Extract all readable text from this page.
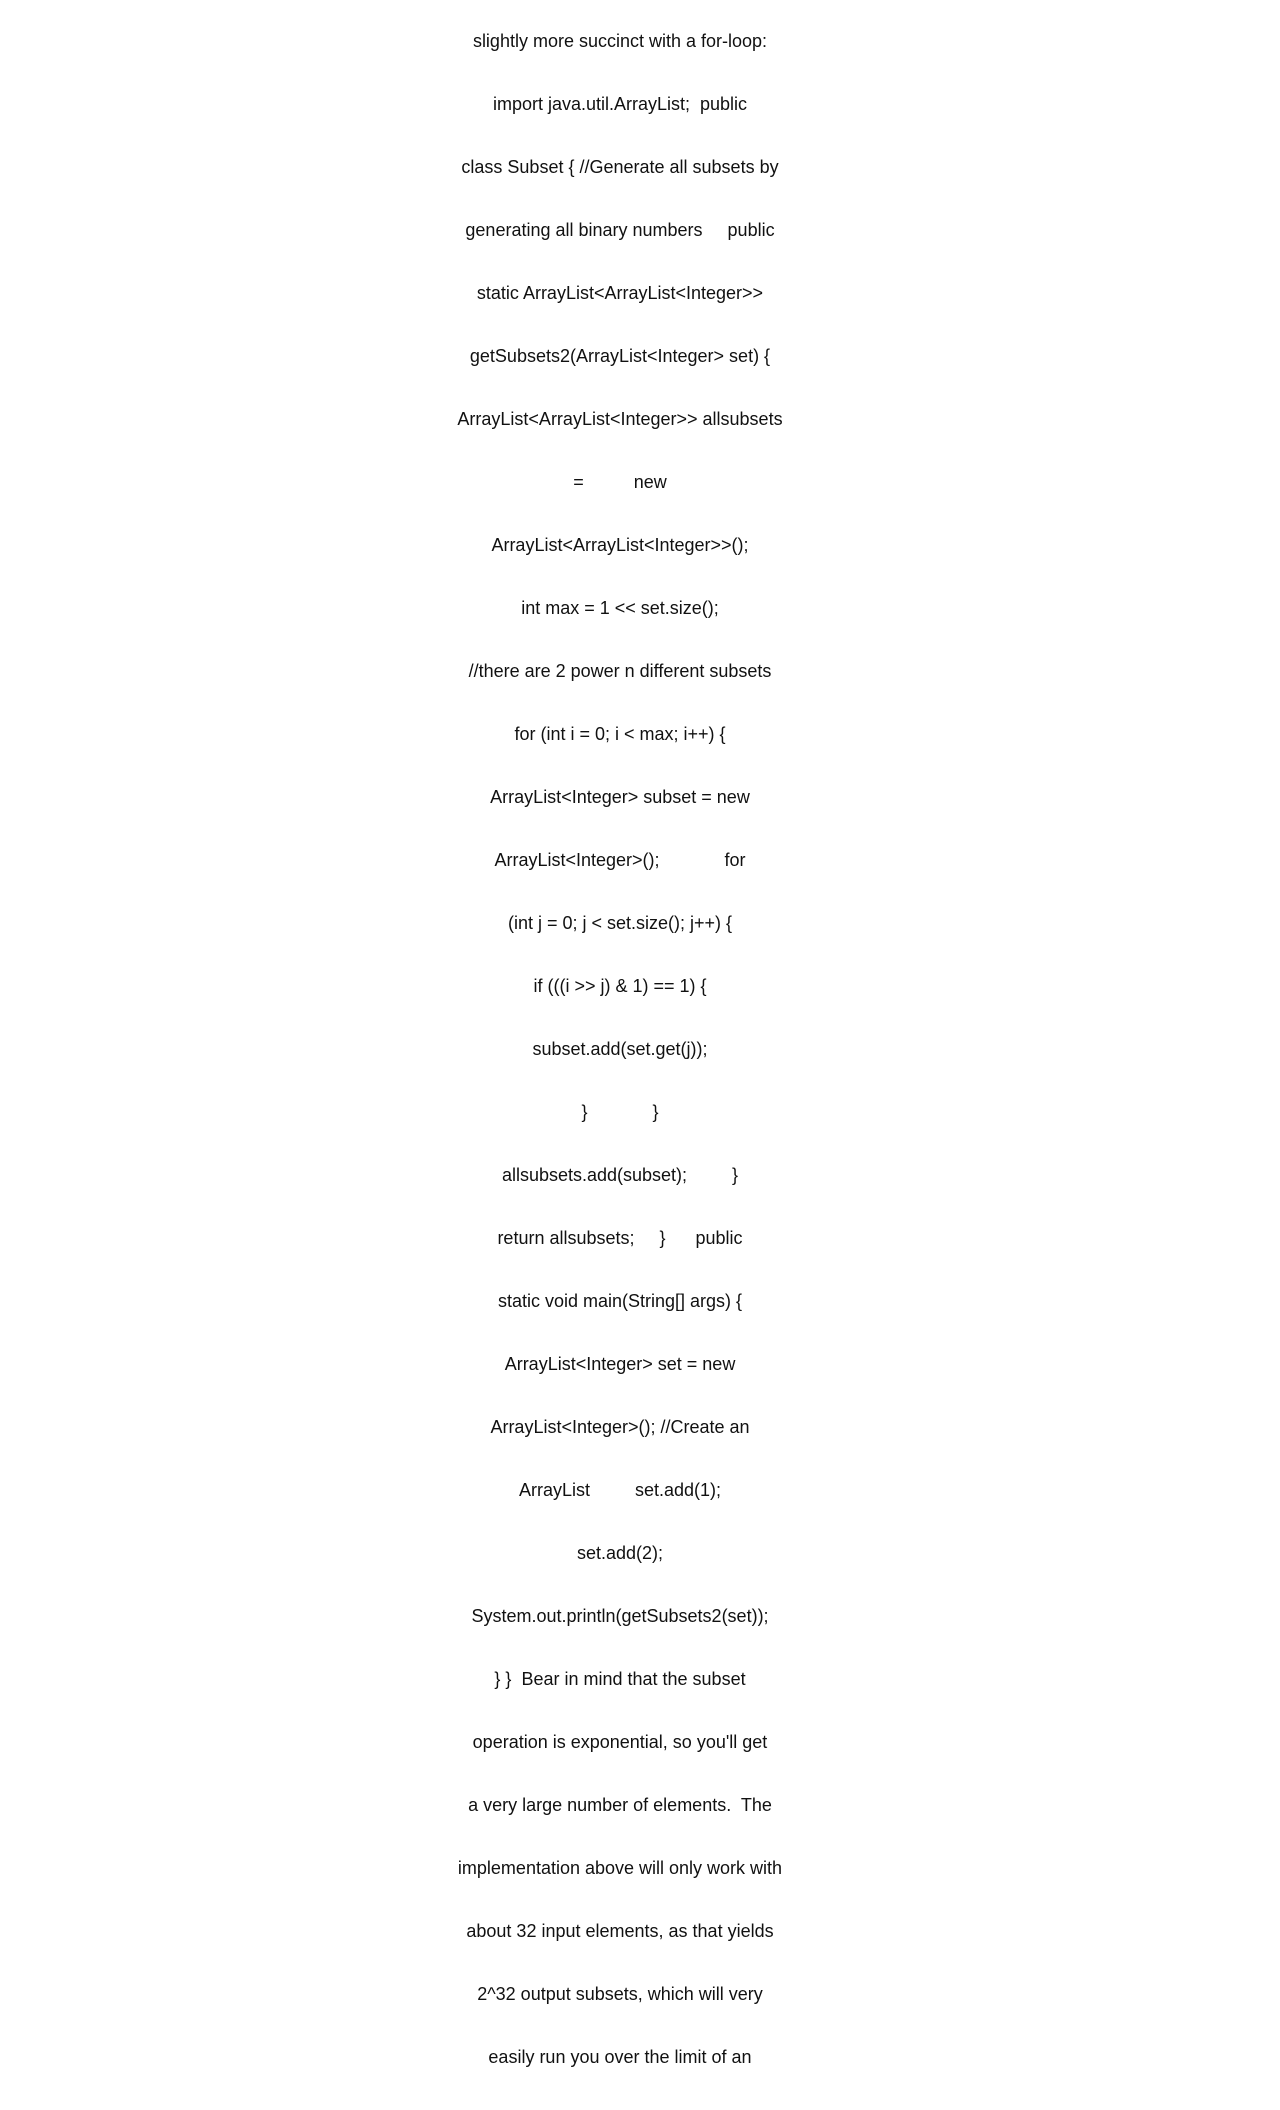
slightly more succinct with a for-loop:

import java.util.ArrayList;  public

class Subset { //Generate all subsets by

generating all binary numbers     public

static ArrayList<ArrayList<Integer>>

getSubsets2(ArrayList<Integer> set) {

ArrayList<ArrayList<Integer>> allsubsets

=          new

ArrayList<ArrayList<Integer>>();

int max = 1 << set.size();

//there are 2 power n different subsets

for (int i = 0; i < max; i++) {

ArrayList<Integer> subset = new

ArrayList<Integer>();             for

(int j = 0; j < set.size(); j++) {

if (((i >> j) & 1) == 1) {

subset.add(set.get(j));

}             }

allsubsets.add(subset);         }

return allsubsets;     }      public

static void main(String[] args) {

ArrayList<Integer> set = new

ArrayList<Integer>(); //Create an

ArrayList         set.add(1);

set.add(2);

System.out.println(getSubsets2(set));

} }  Bear in mind that the subset

operation is exponential, so you'll get

a very large number of elements.  The

implementation above will only work with

about 32 input elements, as that yields

2^32 output subsets, which will very

easily run you over the limit of an
